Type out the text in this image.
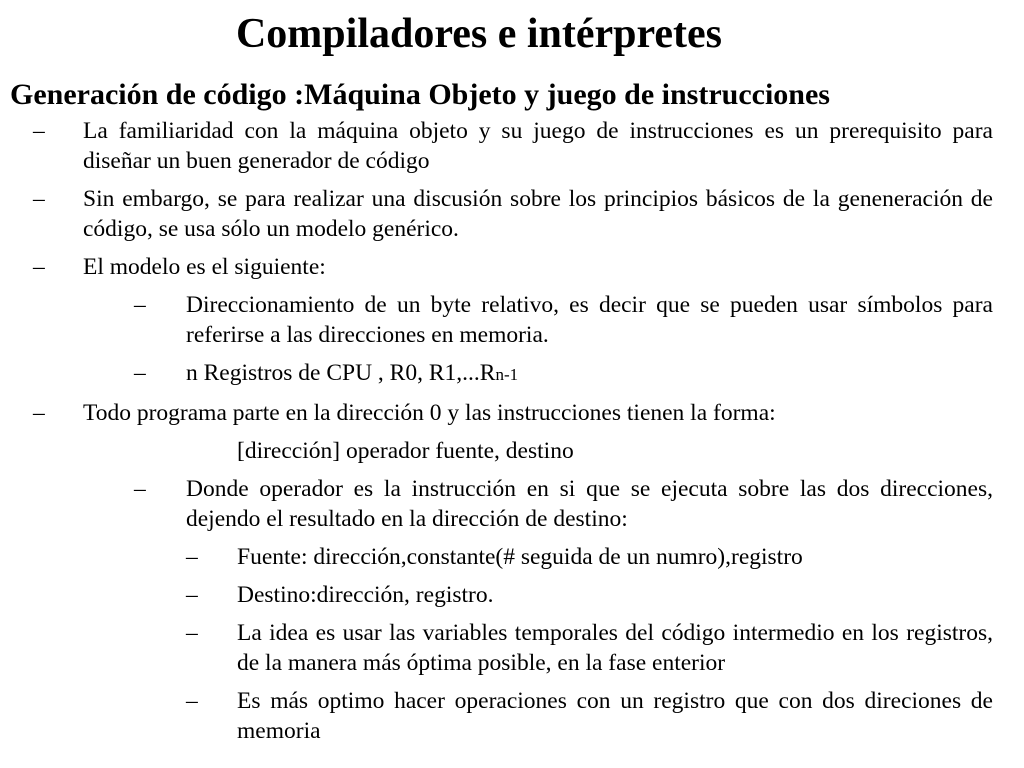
Compiladores e intérpretes
Generación de código :Máquina Objeto y juego de instrucciones
– La familiaridad con la máquina objeto y su juego de instrucciones es un prerequisito para diseñar un buen generador de código
– Sin embargo, se para realizar una discusión sobre los principios básicos de la geneneración de código, se usa sólo un modelo genérico.
– El modelo es el siguiente:
– Direccionamiento de un byte relativo, es decir que se pueden usar símbolos para referirse a las direcciones en memoria.
– n Registros de CPU , R0, R1,...Rn-1
– Todo programa parte en la dirección 0 y las instrucciones tienen la forma:
[dirección] operador fuente, destino
– Donde operador es la instrucción en si que se ejecuta sobre las dos direcciones, dejendo el resultado en la dirección de destino:
– Fuente: dirección,constante(# seguida de un numro),registro
– Destino:dirección, registro.
– La idea es usar las variables temporales del código intermedio en los registros, de la manera más óptima posible, en la fase enterior
– Es más optimo hacer operaciones con un registro que con dos direciones de memoria
